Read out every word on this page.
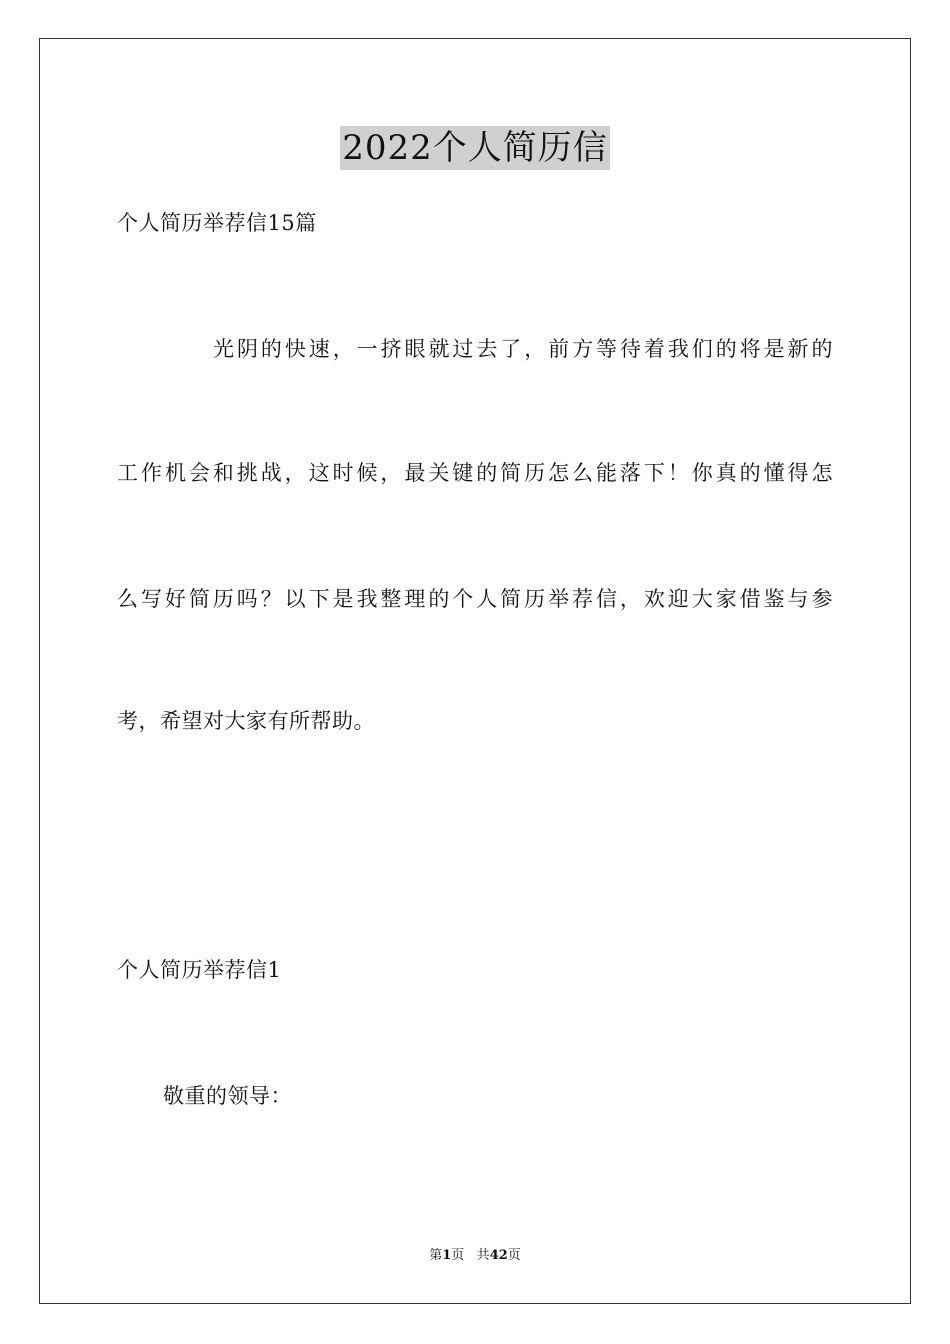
2022个人简历信
个人简历举荐信15篇
光阴的快速，一挤眼就过去了，前方等待着我们的将是新的
工作机会和挑战，这时候，最关键的简历怎么能落下！你真的懂得怎
么写好简历吗？以下是我整理的个人简历举荐信，欢迎大家借鉴与参
考，希望对大家有所帮助。
个人简历举荐信1
敬重的领导：
第1页 共42页
